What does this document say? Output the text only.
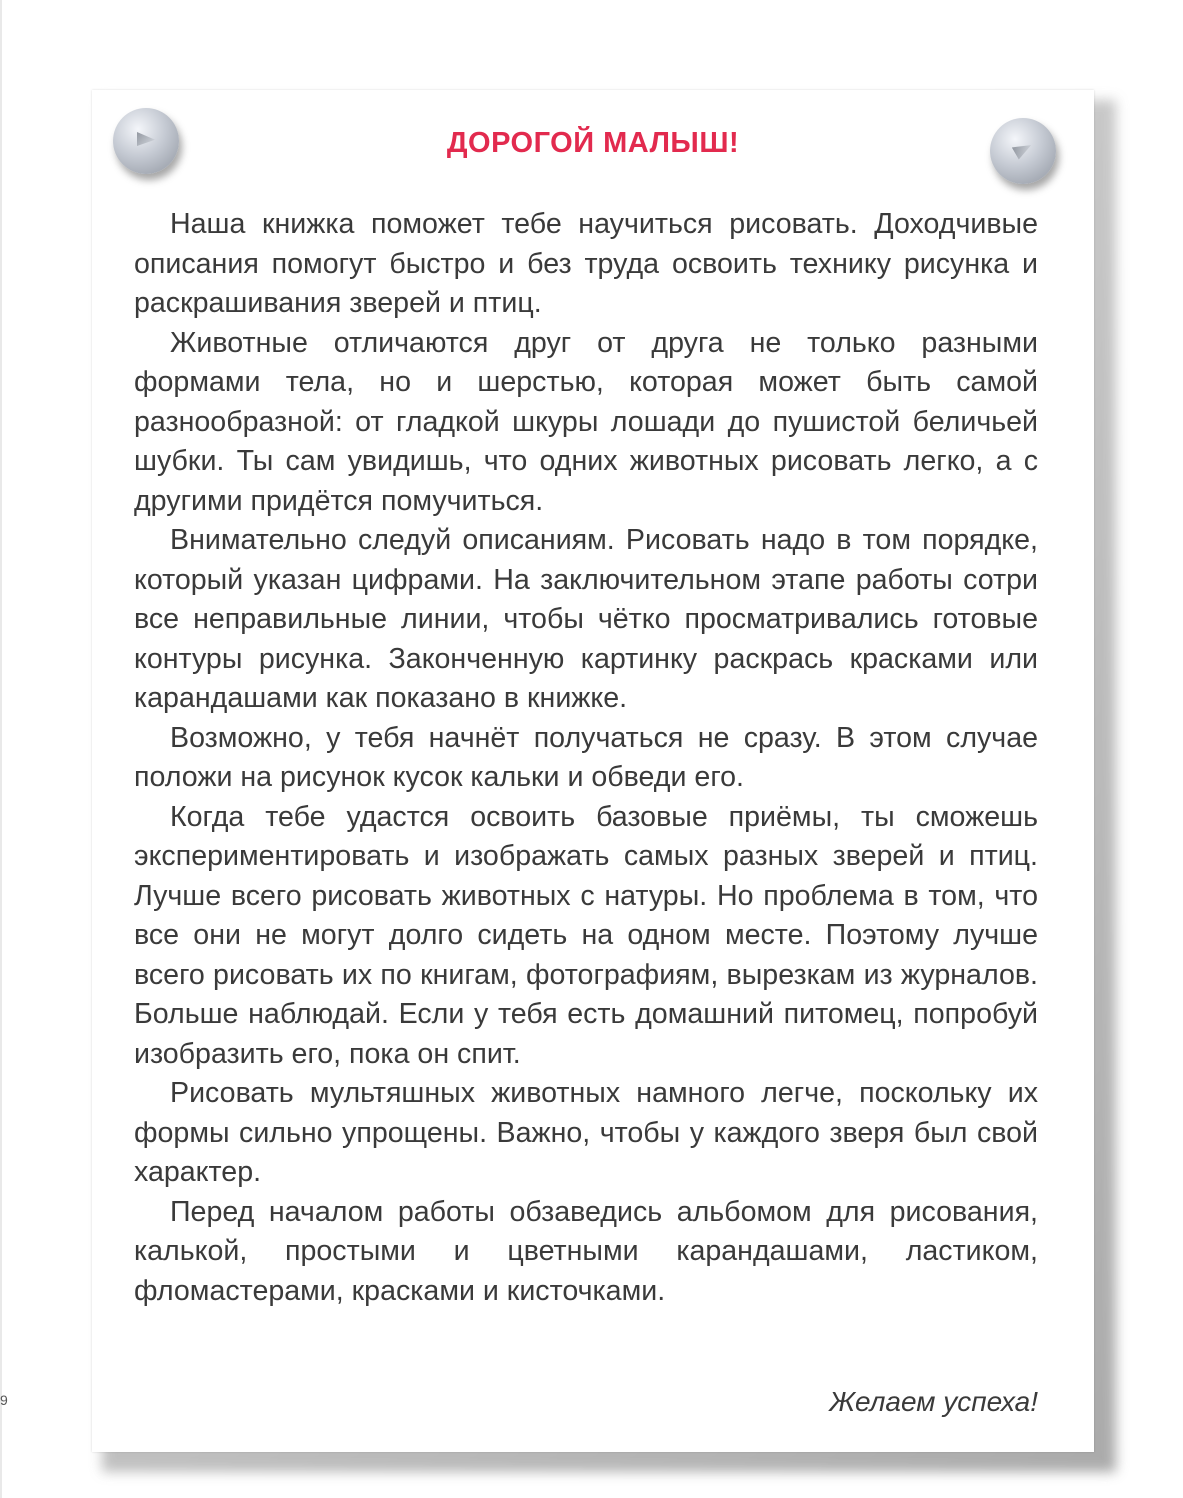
ДОРОГОЙ МАЛЫШ!

Наша книжка поможет тебе научиться рисовать. Доходчивые описания помогут быстро и без труда освоить технику рисунка и раскрашивания зверей и птиц.

Животные отличаются друг от друга не только разными формами тела, но и шерстью, которая может быть самой разнообразной: от гладкой шкуры лошади до пушистой беличьей шубки. Ты сам увидишь, что одних животных рисовать легко, а с другими придётся помучиться.

Внимательно следуй описаниям. Рисовать надо в том порядке, который указан цифрами. На заключительном этапе работы сотри все неправильные линии, чтобы чётко просматривались готовые контуры рисунка. Законченную картинку раскрась красками или карандашами как показано в книжке.

Возможно, у тебя начнёт получаться не сразу. В этом случае положи на рисунок кусок кальки и обведи его.

Когда тебе удастся освоить базовые приёмы, ты сможешь экспериментировать и изображать самых разных зверей и птиц. Лучше всего рисовать животных с натуры. Но проблема в том, что все они не могут долго сидеть на одном месте. Поэтому лучше всего рисовать их по книгам, фотографиям, вырезкам из журналов. Больше наблюдай. Если у тебя есть домашний питомец, попробуй изобразить его, пока он спит.

Рисовать мультяшных животных намного легче, поскольку их формы сильно упрощены. Важно, чтобы у каждого зверя был свой характер.

Перед началом работы обзаведись альбомом для рисования, калькой, простыми и цветными карандашами, ластиком, фломастерами, красками и кисточками.

Желаем успеха!

9
